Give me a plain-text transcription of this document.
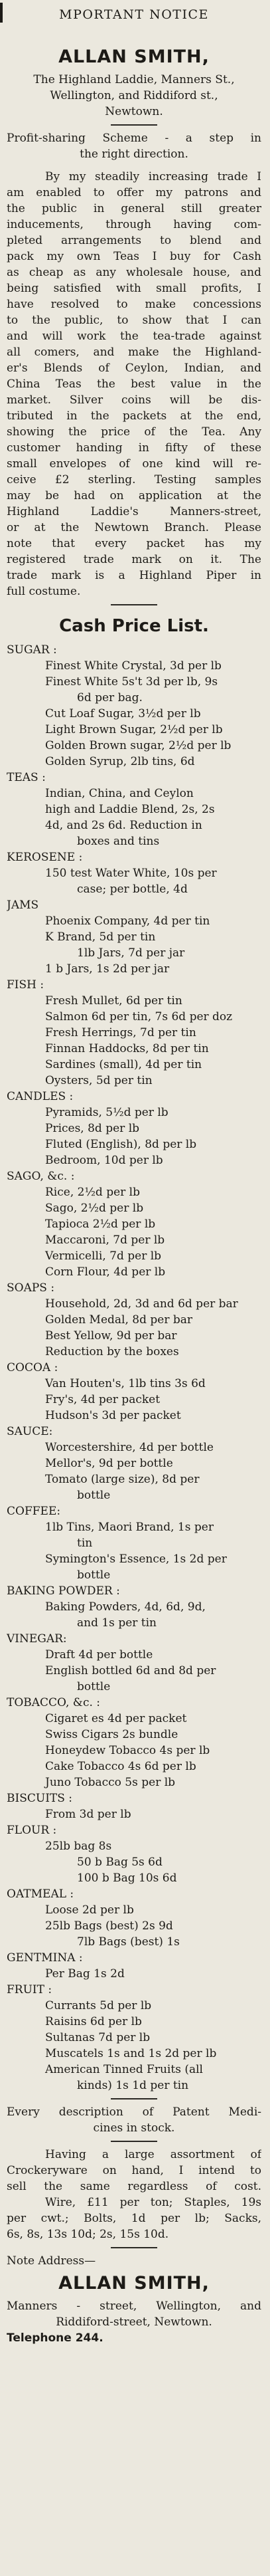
MPORTANT NOTICE
ALLAN SMITH,
The Highland Laddie, Manners St.,
Wellington, and Riddiford st.,
Newtown.
Profit-sharing Scheme - a step in
the right direction.
By my steadily increasing trade I
am enabled to offer my patrons and
the public in general still greater
inducements, through having com-
pleted arrangements to blend and
pack my own Teas I buy for Cash
as cheap as any wholesale house, and
being satisfied with small profits, I
have resolved to make concessions
to the public, to show that I can
and will work the tea-trade against
all comers, and make the Highland-
er's Blends of Ceylon, Indian, and
China Teas the best value in the
market. Silver coins will be dis-
tributed in the packets at the end,
showing the price of the Tea. Any
customer handing in fifty of these
small envelopes of one kind will re-
ceive £2 sterling. Testing samples
may be had on application at the
Highland Laddie's Manners-street,
or at the Newtown Branch. Please
note that every packet has my
registered trade mark on it. The
trade mark is a Highland Piper in
full costume.
Cash Price List.
SUGAR :
Finest White Crystal, 3d per lb
Finest White 5s't 3d per lb, 9s
6d per bag.
Cut Loaf Sugar, 3½d per lb
Light Brown Sugar, 2½d per lb
Golden Brown sugar, 2½d per lb
Golden Syrup, 2lb tins, 6d
TEAS :
Indian, China, and Ceylon
high and Laddie Blend, 2s, 2s
4d, and 2s 6d. Reduction in
boxes and tins
KEROSENE :
150 test Water White, 10s per
case; per bottle, 4d
JAMS
Phoenix Company, 4d per tin
K Brand, 5d per tin
1lb Jars, 7d per jar
1 b Jars, 1s 2d per jar
FISH :
Fresh Mullet, 6d per tin
Salmon 6d per tin, 7s 6d per doz
Fresh Herrings, 7d per tin
Finnan Haddocks, 8d per tin
Sardines (small), 4d per tin
Oysters, 5d per tin
CANDLES :
Pyramids, 5½d per lb
Prices, 8d per lb
Fluted (English), 8d per lb
Bedroom, 10d per lb
SAGO, &c. :
Rice, 2½d per lb
Sago, 2½d per lb
Tapioca 2½d per lb
Maccaroni, 7d per lb
Vermicelli, 7d per lb
Corn Flour, 4d per lb
SOAPS :
Household, 2d, 3d and 6d per bar
Golden Medal, 8d per bar
Best Yellow, 9d per bar
Reduction by the boxes
COCOA :
Van Houten's, 1lb tins 3s 6d
Fry's, 4d per packet
Hudson's 3d per packet
SAUCE:
Worcestershire, 4d per bottle
Mellor's, 9d per bottle
Tomato (large size), 8d per
bottle
COFFEE:
1lb Tins, Maori Brand, 1s per
tin
Symington's Essence, 1s 2d per
bottle
BAKING POWDER :
Baking Powders, 4d, 6d, 9d,
and 1s per tin
VINEGAR:
Draft 4d per bottle
English bottled 6d and 8d per
bottle
TOBACCO, &c. :
Cigaret es 4d per packet
Swiss Cigars 2s bundle
Honeydew Tobacco 4s per lb
Cake Tobacco 4s 6d per lb
Juno Tobacco 5s per lb
BISCUITS :
From 3d per lb
FLOUR :
25lb bag 8s
50 b Bag 5s 6d
100 b Bag 10s 6d
OATMEAL :
Loose 2d per lb
25lb Bags (best) 2s 9d
7lb Bags (best) 1s
GENTMINA :
Per Bag 1s 2d
FRUIT :
Currants 5d per lb
Raisins 6d per lb
Sultanas 7d per lb
Muscatels 1s and 1s 2d per lb
American Tinned Fruits (all
kinds) 1s 1d per tin
Every description of Patent Medi-
cines in stock.
Having a large assortment of
Crockeryware on hand, I intend to
sell the same regardless of cost.
Wire, £11 per ton; Staples, 19s
per cwt.; Bolts, 1d per lb; Sacks,
6s, 8s, 13s 10d; 2s, 15s 10d.
Note Address—
ALLAN SMITH,
Manners - street, Wellington, and
Riddiford-street, Newtown.
Telephone 244.
